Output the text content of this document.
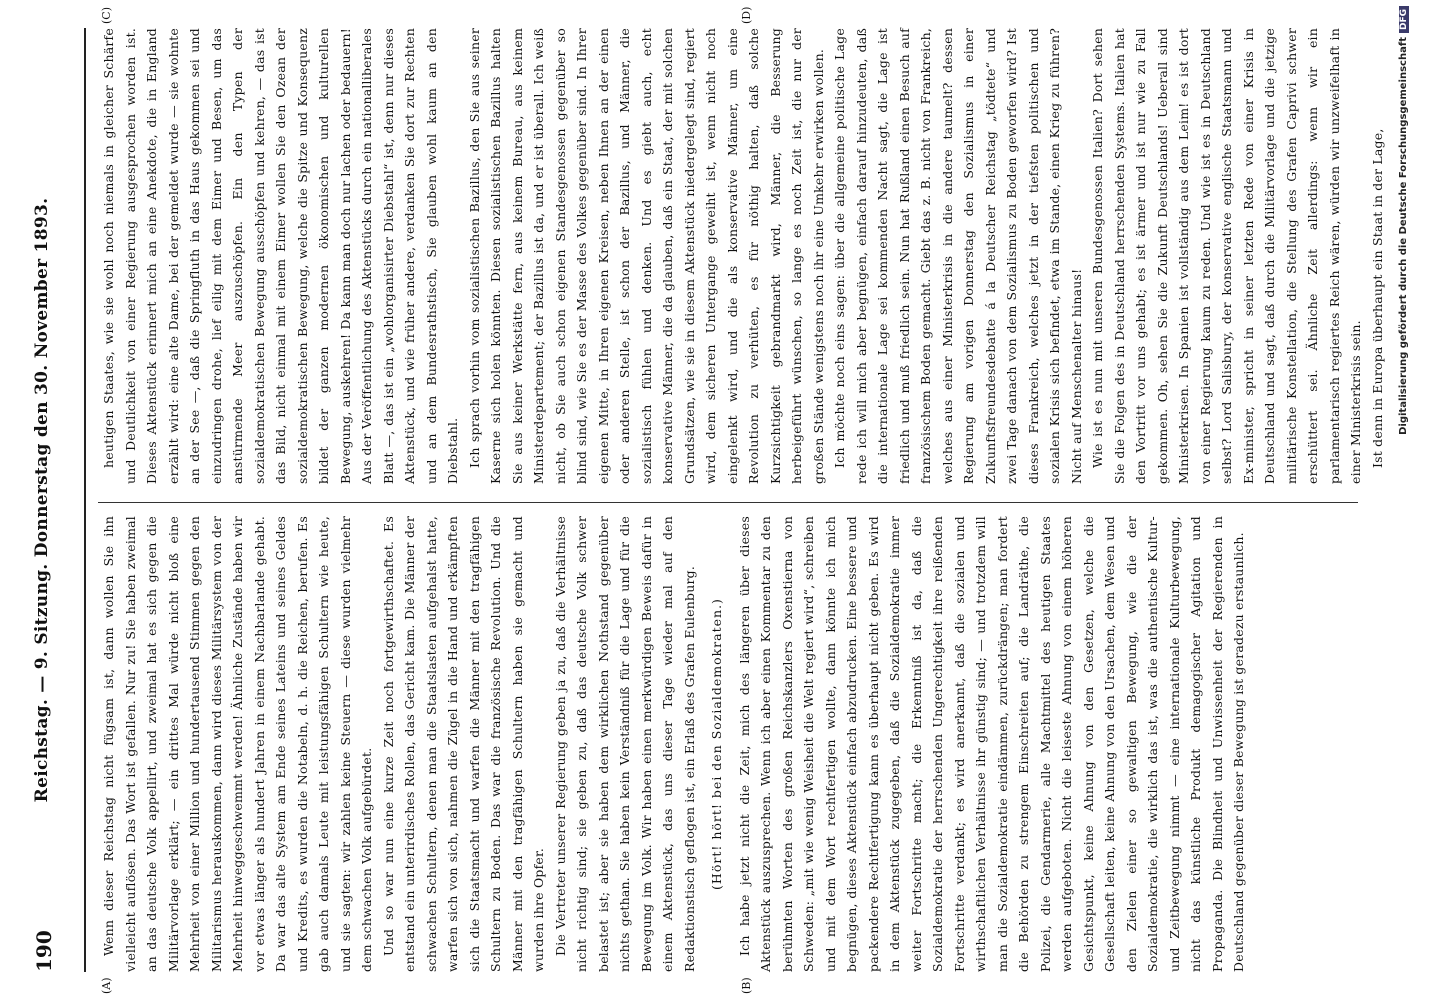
190
Reichstag. — 9. Sitzung. Donnerstag den 30. November 1893.
(A)	(B)
(C)	(D)

Wenn dieser Reichstag nicht fügsam ist, dann wollen Sie ihn vielleicht auflösen. Das Wort ist gefallen. Nur zu! Sie haben zweimal an das deutsche Volk appellirt, und zweimal hat es sich gegen die Militärvorlage erklärt; — ein drittes Mal würde nicht bloß eine Mehrheit von einer Million und hundertausend Stimmen gegen den Militarismus herauskommen, dann wird dieses Militärsystem von der Mehrheit hinweggeschwemmt werden! Ähnliche Zustände haben wir vor etwas länger als hundert Jahren in einem Nachbarlande gehabt. Da war das alte System am Ende seines Lateins und seines Geldes und Kredits, es wurden die Notabeln, d. h. die Reichen, berufen. Es gab auch damals Leute mit leistungsfähigen Schultern wie heute, und sie sagten: wir zahlen keine Steuern — diese wurden vielmehr dem schwachen Volk aufgebürdet. Und so war nun eine kurze Zeit noch fortgewirthschaftet. Es entstand ein unterirdisches Rollen, das Gericht kam. Die Männer der schwachen Schultern, denen man die Staatslasten aufgehalst hatte, warfen sich von sich, nahmen die Zügel in die Hand und erkämpften sich die Staatsmacht und warfen die Männer mit den tragfähigen Schultern zu Boden. Das war die französische Revolution. Und die Männer mit den tragfähigen Schultern haben sie gemacht und wurden ihre Opfer. Die Vertreter unserer Regierung geben ja zu, daß die Verhältnisse nicht richtig sind; sie geben zu, daß das deutsche Volk schwer belastet ist; aber sie haben dem wirklichen Nothstand gegenüber nichts gethan. Sie haben kein Verständniß für die Lage und für die Bewegung im Volk. Wir haben einen merkwürdigen Beweis dafür in einem Aktenstück, das uns dieser Tage wieder mal auf den Redaktionstisch geflogen ist, ein Erlaß des Grafen Eulenburg. (Hört! hört! bei den Sozialdemokraten.) Ich habe jetzt nicht die Zeit, mich des längeren über dieses Aktenstück auszusprechen. Wenn ich aber einen Kommentar zu den berühmten Worten des großen Reichskanzlers Oxenstierna von Schweden: „mit wie wenig Weisheit die Welt regiert wird“, schreiben und mit dem Wort rechtfertigen wollte, dann könnte ich mich begnügen, dieses Aktenstück einfach abzudrucken. Eine bessere und packendere Rechtfertigung kann es überhaupt nicht geben. Es wird in dem Aktenstück zugegeben, daß die Sozialdemokratie immer weiter Fortschritte macht; die Erkenntniß ist da, daß die Sozialdemokratie der herrschenden Ungerechtigkeit ihre reißenden Fortschritte verdankt; es wird anerkannt, daß die sozialen und wirthschaftlichen Verhältnisse ihr günstig sind; — und trotzdem will man die Sozialdemokratie eindämmen, zurückdrängen; man fordert die Behörden zu strengem Einschreiten auf; die Landräthe, die Polizei, die Gendarmerie, alle Machtmittel des heutigen Staates werden aufgeboten. Nicht die leiseste Ahnung von einem höheren Gesichtspunkt, keine Ahnung von den Gesetzen, welche die Gesellschaft leiten, keine Ahnung von den Ursachen, dem Wesen und den Zielen einer so gewaltigen Bewegung, wie die der Sozialdemokratie, die wirklich das ist, was die authentische Kultur- und Zeitbewegung nimmt — eine internationale Kulturbewegung, nicht das künstliche Produkt demagogischer Agitation und Propaganda. Die Blindheit und Unwissenheit der Regierenden in Deutschland gegenüber dieser Bewegung ist geradezu erstaunlich.

heutigen Staates, wie sie wohl noch niemals in gleicher Schärfe und Deutlichkeit von einer Regierung ausgesprochen worden ist. Dieses Aktenstück erinnert mich an eine Anekdote, die in England erzählt wird: eine alte Dame, bei der gemeldet wurde — sie wohnte an der See —, daß die Springfluth in das Haus gekommen sei und einzudringen drohe, lief eilig mit dem Eimer und Besen, um das anstürmende Meer auszuschöpfen. Ein den Typen der sozialdemokratischen Bewegung ausschöpfen und kehren, — das ist das Bild, nicht einmal mit einem Eimer wollen Sie den Ozean der sozialdemokratischen Bewegung, welche die Spitze und Konsequenz bildet der ganzen modernen ökonomischen und kulturellen Bewegung, auskehren! Da kann man doch nur lachen oder bedauern! Aus der Veröffentlichung des Aktenstücks durch ein nationalliberales Blatt —, das ist ein „wohlorganisirter Diebstahl“ ist, denn nur dieses Aktenstück, und wie früher andere, verdanken Sie dort zur Rechten und an dem Bundesrathstisch, Sie glauben wohl kaum an den Diebstahl. Ich sprach vorhin vom sozialistischen Bazillus, den Sie aus seiner Kaserne sich holen könnten. Diesen sozialistischen Bazillus halten Sie aus keiner Werkstätte fern, aus keinem Bureau, aus keinem Ministerdepartement; der Bazillus ist da, und er ist überall. Ich weiß nicht, ob Sie auch schon eigenen Standesgenossen gegenüber so blind sind, wie Sie es der Masse des Volkes gegenüber sind. In Ihrer eigenen Mitte, in Ihren eigenen Kreisen, neben Ihnen an der einen oder anderen Stelle, ist schon der Bazillus, und Männer, die sozialistisch fühlen und denken. Und es giebt auch, echt konservative Männer, die da glauben, daß ein Staat, der mit solchen Grundsätzen, wie sie in diesem Aktenstück niedergelegt sind, regiert wird, dem sicheren Untergange geweiht ist, wenn nicht noch eingelenkt wird, und die als konservative Männer, um eine Revolution zu verhüten, es für nöthig halten, daß solche Kurzsichtigkeit gebrandmarkt wird, Männer, die Besserung herbeigeführt wünschen, so lange es noch Zeit ist, die nur der großen Stände wenigstens noch ihr eine Umkehr erwirken wollen. Ich möchte noch eins sagen: über die allgemeine politische Lage rede ich will mich aber begnügen, einfach darauf hinzudeuten, daß die internationale Lage sei kommenden Nacht sagt, die Lage ist friedlich und muß friedlich sein. Nun hat Rußland einen Besuch auf französischem Boden gemacht. Giebt das z. B. nicht von Frankreich, welches aus einer Ministerkrisis in die andere taumelt? dessen Regierung am vorigen Donnerstag den Sozialismus in einer Zukunftsfreundesdebatte á la Deutscher Reichstag „tödtete“ und zwei Tage danach von dem Sozialismus zu Boden geworfen wird? Ist dieses Frankreich, welches jetzt in der tiefsten politischen und sozialen Krisis sich befindet, etwa im Stande, einen Krieg zu führen? Nicht auf Menschenalter hinaus! Wie ist es nun mit unseren Bundesgenossen Italien? Dort sehen Sie die Folgen des in Deutschland herrschenden Systems. Italien hat den Vortritt vor uns gehabt; es ist ärmer und ist nur wie zu Fall gekommen. Oh, sehen Sie die Zukunft Deutschlands! Ueberall sind Ministerkrisen. In Spanien ist vollständig aus dem Leim! es ist dort von einer Regierung kaum zu reden. Und wie ist es in Deutschland selbst? Lord Salisbury, der konservative englische Staatsmann und Ex-minister, spricht in seiner letzten Rede von einer Krisis in Deutschland und sagt, daß durch die Militärvorlage und die jetzige militärische Konstellation, die Stellung des Grafen Caprivi schwer erschüttert sei. Ähnliche Zeit allerdings: wenn wir ein parlamentarisch regiertes Reich wären, würden wir unzweifelhaft in einer Ministerkrisis sein. Ist denn in Europa überhaupt ein Staat in der Lage,	Digitalisierung gefördert durch die Deutsche ForschungsgemeinschaftDFG
